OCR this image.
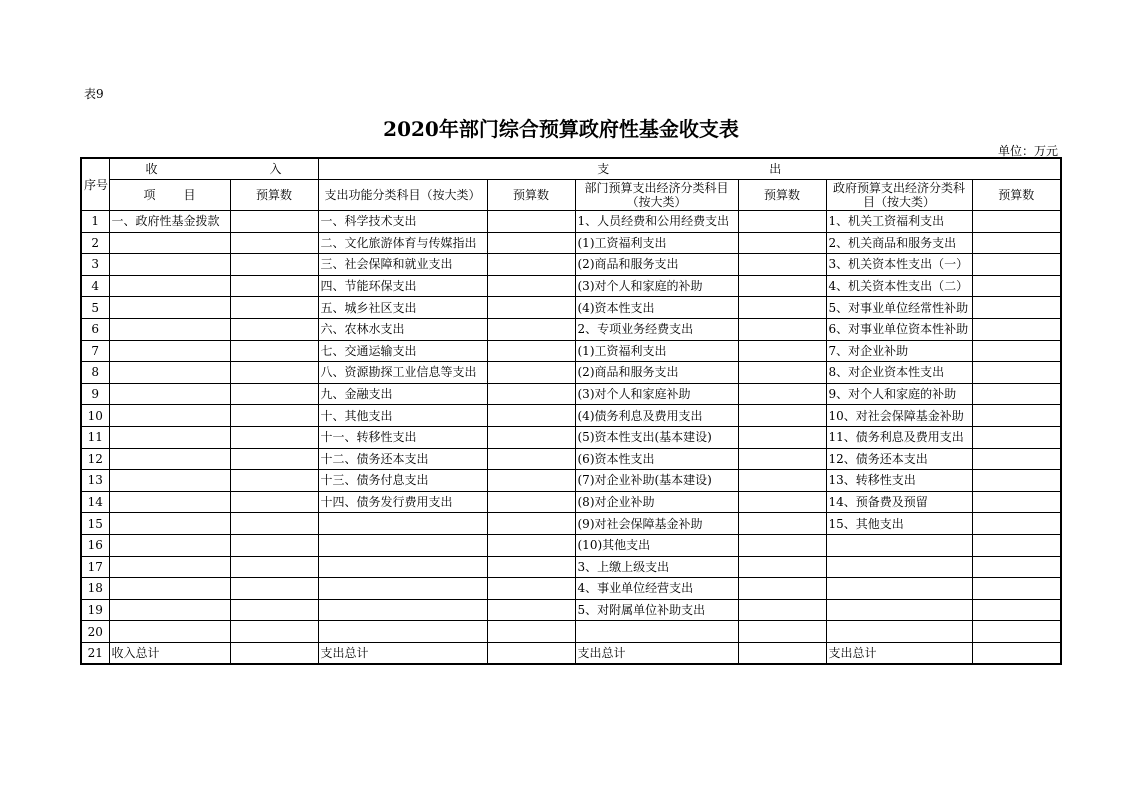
表9
2020年部门综合预算政府性基金收支表
单位：万元
序号	收 入		支 出					
	项 目	预算数	支出功能分类科目（按大类）	预算数	部门预算支出经济分类科目（按大类）	预算数	政府预算支出经济分类科目（按大类）	预算数
1	一、政府性基金拨款		一、科学技术支出		1、人员经费和公用经费支出		1、机关工资福利支出	
2			二、文化旅游体育与传媒指出		(1)工资福利支出		2、机关商品和服务支出	
3			三、社会保障和就业支出		(2)商品和服务支出		3、机关资本性支出（一）	
4			四、节能环保支出		(3)对个人和家庭的补助		4、机关资本性支出（二）	
5			五、城乡社区支出		(4)资本性支出		5、对事业单位经常性补助	
6			六、农林水支出		2、专项业务经费支出		6、对事业单位资本性补助	
7			七、交通运输支出		(1)工资福利支出		7、对企业补助	
8			八、资源勘探工业信息等支出		(2)商品和服务支出		8、对企业资本性支出	
9			九、金融支出		(3)对个人和家庭补助		9、对个人和家庭的补助	
10			十、其他支出		(4)债务利息及费用支出		10、对社会保障基金补助	
11			十一、转移性支出		(5)资本性支出(基本建设)		11、债务利息及费用支出	
12			十二、债务还本支出		(6)资本性支出		12、债务还本支出	
13			十三、债务付息支出		(7)对企业补助(基本建设)		13、转移性支出	
14			十四、债务发行费用支出		(8)对企业补助		14、预备费及预留	
15					(9)对社会保障基金补助		15、其他支出	
16					(10)其他支出			
17					3、上缴上级支出			
18					4、事业单位经营支出			
19					5、对附属单位补助支出			
20								
21	收入总计		支出总计		支出总计		支出总计	
